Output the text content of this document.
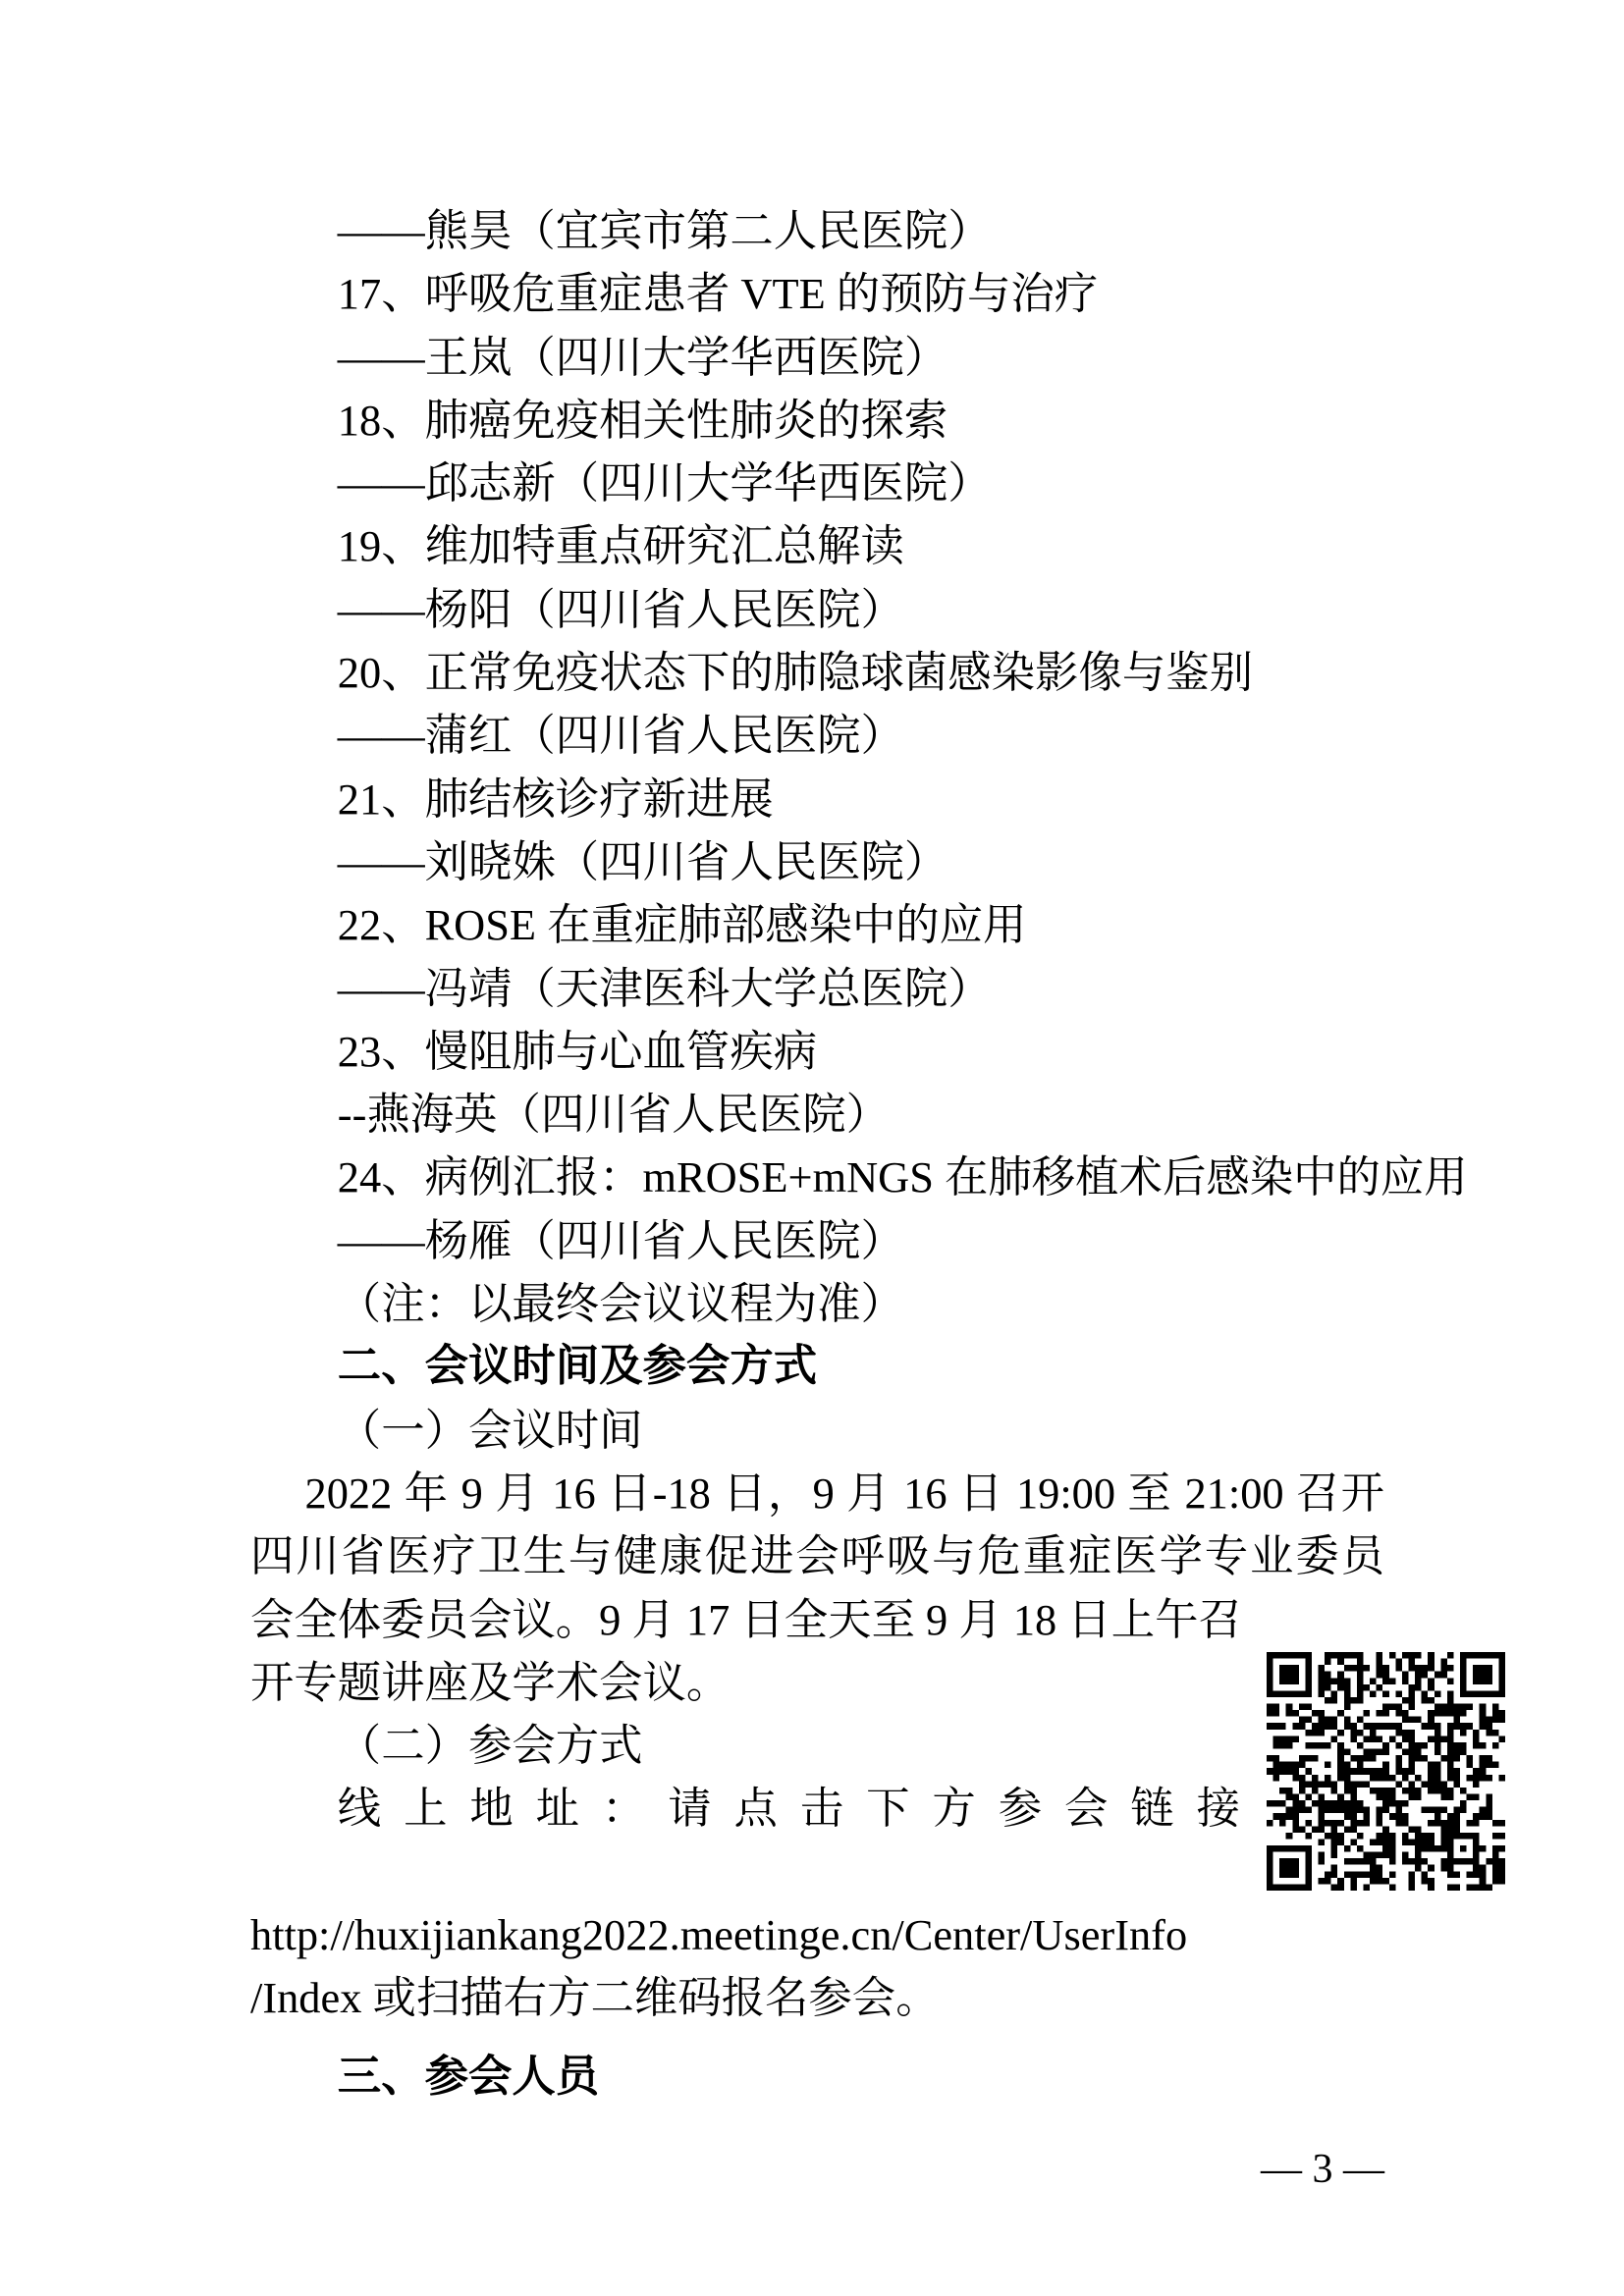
——熊昊（宜宾市第二人民医院）
17、呼吸危重症患者 VTE 的预防与治疗
——王岚（四川大学华西医院）
18、肺癌免疫相关性肺炎的探索
——邱志新（四川大学华西医院）
19、维加特重点研究汇总解读
——杨阳（四川省人民医院）
20、正常免疫状态下的肺隐球菌感染影像与鉴别
——蒲红（四川省人民医院）
21、肺结核诊疗新进展
——刘晓姝（四川省人民医院）
22、ROSE 在重症肺部感染中的应用
——冯靖（天津医科大学总医院）
23、慢阻肺与心血管疾病
--燕海英（四川省人民医院）
24、病例汇报：mROSE+mNGS 在肺移植术后感染中的应用
——杨雁（四川省人民医院）
（注：以最终会议议程为准）
二、会议时间及参会方式
（一）会议时间
2022 年 9 月 16 日-18 日，9 月 16 日 19:00 至 21:00 召开
四川省医疗卫生与健康促进会呼吸与危重症医学专业委员
会全体委员会议。9 月 17 日全天至 9 月 18 日上午召
开专题讲座及学术会议。
（二）参会方式
线上地址：请点击下方参会链接
http://huxijiankang2022.meetinge.cn/Center/UserInfo
/Index 或扫描右方二维码报名参会。
三、参会人员
— 3 —
